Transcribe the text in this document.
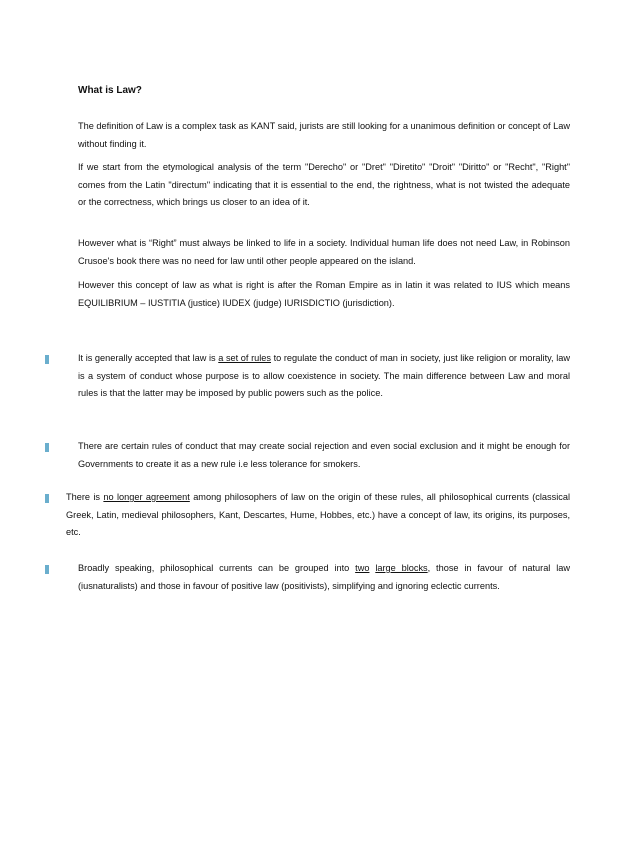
What is Law?

The definition of Law is a complex task as KANT said, jurists are still looking for a unanimous definition or concept of Law without finding it.

If we start from the etymological analysis of the term "Derecho" or "Dret" "Diretito" "Droit" "Diritto" or "Recht", "Right" comes from the Latin "directum" indicating that it is essential to the end, the rightness, what is not twisted the adequate or the correctness, which brings us closer to an idea of it.

However what is “Right” must always be linked to life in a society. Individual human life does not need Law, in Robinson Crusoe's book there was no need for law until other people appeared on the island.

However this concept of law as what is right is after the Roman Empire as in latin it was related to IUS which means EQUILIBRIUM – IUSTITIA (justice) IUDEX (judge) IURISDICTIO (jurisdiction).

It is generally accepted that law is a set of rules to regulate the conduct of man in society, just like religion or morality, law is a system of conduct whose purpose is to allow coexistence in society. The main difference between Law and moral rules is that the latter may be imposed by public powers such as the police.

There are certain rules of conduct that may create social rejection and even social exclusion and it might be enough for Governments to create it as a new rule i.e less tolerance for smokers.

There is no longer agreement among philosophers of law on the origin of these rules, all philosophical currents (classical Greek, Latin, medieval philosophers, Kant, Descartes, Hume, Hobbes, etc.) have a concept of law, its origins, its purposes, etc.

Broadly speaking, philosophical currents can be grouped into two large blocks, those in favour of natural law (iusnaturalists) and those in favour of positive law (positivists), simplifying and ignoring eclectic currents.
